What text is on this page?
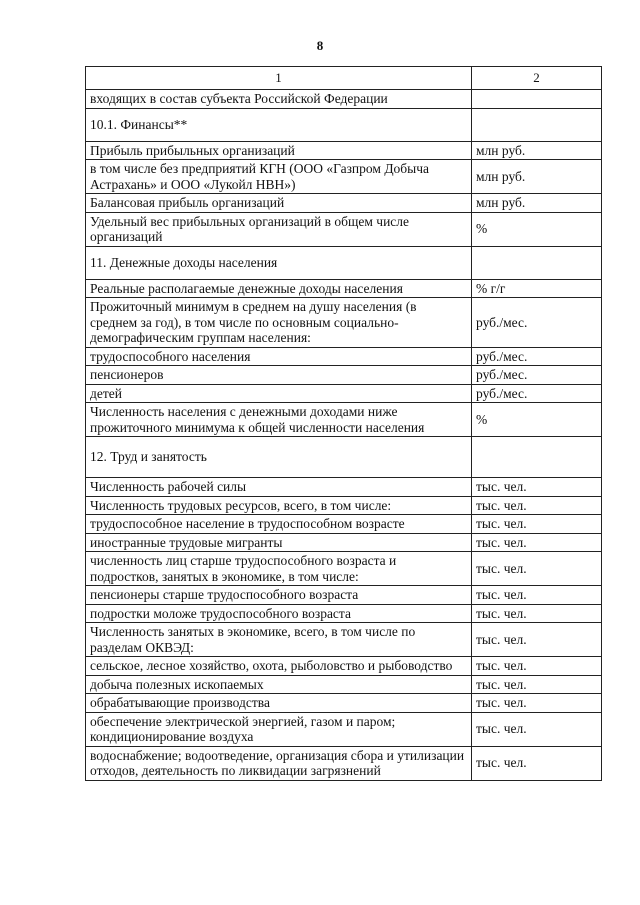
8
1	2
входящих в состав субъекта Российской Федерации	
10.1. Финансы**	
Прибыль прибыльных организаций	млн руб.
в том числе без предприятий КГН (ООО «Газпром Добыча Астрахань» и ООО «Лукойл НВН»)	млн руб.
Балансовая прибыль организаций	млн руб.
Удельный вес прибыльных организаций в общем числе организаций	%
11. Денежные доходы населения	
Реальные располагаемые денежные доходы населения	% г/г
Прожиточный минимум в среднем на душу населения (в среднем за год), в том числе по основным социально-демографическим группам населения:	руб./мес.
трудоспособного населения	руб./мес.
пенсионеров	руб./мес.
детей	руб./мес.
Численность населения с денежными доходами ниже прожиточного минимума к общей численности населения	%
12. Труд и занятость	
Численность рабочей силы	тыс. чел.
Численность трудовых ресурсов, всего, в том числе:	тыс. чел.
трудоспособное население в трудоспособном возрасте	тыс. чел.
иностранные трудовые мигранты	тыс. чел.
численность лиц старше трудоспособного возраста и подростков, занятых в экономике, в том числе:	тыс. чел.
пенсионеры старше трудоспособного возраста	тыс. чел.
подростки моложе трудоспособного возраста	тыс. чел.
Численность занятых в экономике, всего, в том числе по разделам ОКВЭД:	тыс. чел.
сельское, лесное хозяйство, охота, рыболовство и рыбоводство	тыс. чел.
добыча полезных ископаемых	тыс. чел.
обрабатывающие производства	тыс. чел.
обеспечение электрической энергией, газом и паром; кондиционирование воздуха	тыс. чел.
водоснабжение; водоотведение, организация сбора и утилизации отходов, деятельность по ликвидации загрязнений	тыс. чел.
